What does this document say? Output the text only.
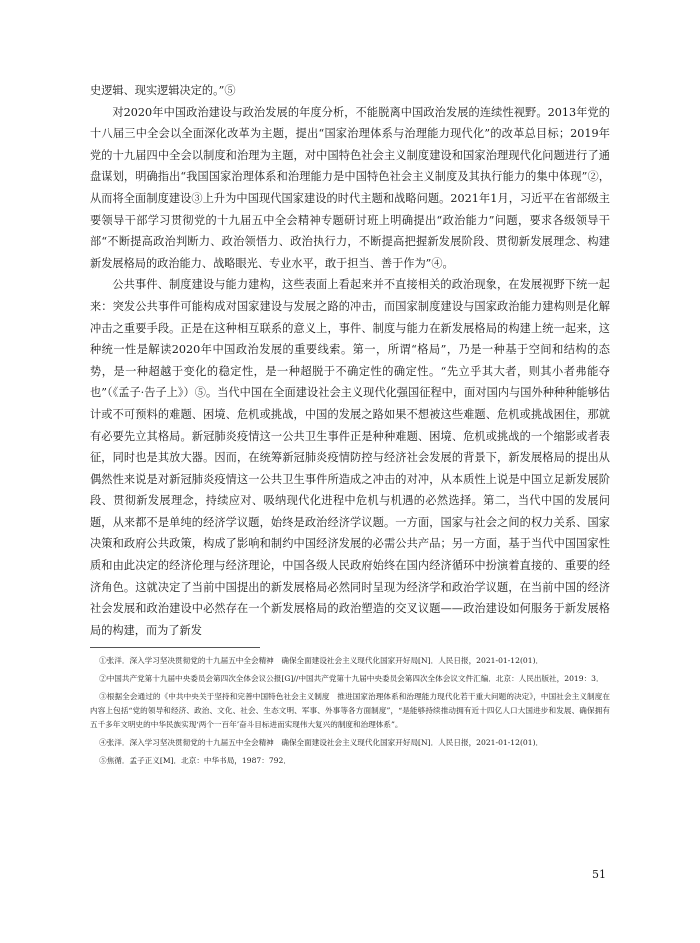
史逻辑、现实逻辑决定的。”⑤

对2020年中国政治建设与政治发展的年度分析，不能脱离中国政治发展的连续性视野。2013年党的十八届三中全会以全面深化改革为主题，提出“国家治理体系与治理能力现代化”的改革总目标；2019年党的十九届四中全会以制度和治理为主题，对中国特色社会主义制度建设和国家治理现代化问题进行了通盘谋划，明确指出“我国国家治理体系和治理能力是中国特色社会主义制度及其执行能力的集中体现”②，从而将全面制度建设③上升为中国现代国家建设的时代主题和战略问题。2021年1月，习近平在省部级主要领导干部学习贯彻党的十九届五中全会精神专题研讨班上明确提出“政治能力”问题，要求各级领导干部“不断提高政治判断力、政治领悟力、政治执行力，不断提高把握新发展阶段、贯彻新发展理念、构建新发展格局的政治能力、战略眼光、专业水平，敢于担当、善于作为”④。

公共事件、制度建设与能力建构，这些表面上看起来并不直接相关的政治现象，在发展视野下统一起来：突发公共事件可能构成对国家建设与发展之路的冲击，而国家制度建设与国家政治能力建构则是化解冲击之重要手段。正是在这种相互联系的意义上，事件、制度与能力在新发展格局的构建上统一起来，这种统一性是解读2020年中国政治发展的重要线索。第一，所谓“格局”，乃是一种基于空间和结构的态势，是一种超越于变化的稳定性，是一种超脱于不确定性的确定性。“先立乎其大者，则其小者弗能夺也”（《孟子·告子上》）⑤。当代中国在全面建设社会主义现代化强国征程中，面对国内与国外种种种能够估计或不可预料的难题、困境、危机或挑战，中国的发展之路如果不想被这些难题、危机或挑战困住，那就有必要先立其格局。新冠肺炎疫情这一公共卫生事件正是种种难题、困境、危机或挑战的一个缩影或者表征，同时也是其放大器。因而，在统筹新冠肺炎疫情防控与经济社会发展的背景下，新发展格局的提出从偶然性来说是对新冠肺炎疫情这一公共卫生事件所造成之冲击的对冲，从本质性上说是中国立足新发展阶段、贯彻新发展理念，持续应对、吸纳现代化进程中危机与机遇的必然选择。第二，当代中国的发展问题，从来都不是单纯的经济学议题，始终是政治经济学议题。一方面，国家与社会之间的权力关系、国家决策和政府公共政策，构成了影响和制约中国经济发展的必需公共产品；另一方面，基于当代中国国家性质和由此决定的经济伦理与经济理论，中国各级人民政府始终在国内经济循环中扮演着直接的、重要的经济角色。这就决定了当前中国提出的新发展格局必然同时呈现为经济学和政治学议题，在当前中国的经济社会发展和政治建设中必然存在一个新发展格局的政治塑造的交叉议题——政治建设如何服务于新发展格局的构建，而为了新发

①张洋．深入学习坚决贯彻党的十九届五中全会精神　确保全面建设社会主义现代化国家开好局[N]．人民日报，2021-01-12(01)．

②中国共产党第十九届中央委员会第四次全体会议公报[G]//中国共产党第十九届中央委员会第四次全体会议文件汇编．北京：人民出版社，2019：3．

③根据全会通过的《中共中央关于坚持和完善中国特色社会主义制度　推进国家治理体系和治理能力现代化若干重大问题的决定》，中国社会主义制度在内容上包括“党的领导和经济、政治、文化、社会、生态文明、军事、外事等各方面制度”，“是能够持续推动拥有近十四亿人口大国进步和发展、确保拥有五千多年文明史的中华民族实现‘两个一百年’奋斗目标进而实现伟大复兴的制度和治理体系”。

④张洋．深入学习坚决贯彻党的十九届五中全会精神　确保全面建设社会主义现代化国家开好局[N]．人民日报，2021-01-12(01)．

⑤焦循．孟子正义[M]．北京：中华书局，1987：792．

51
